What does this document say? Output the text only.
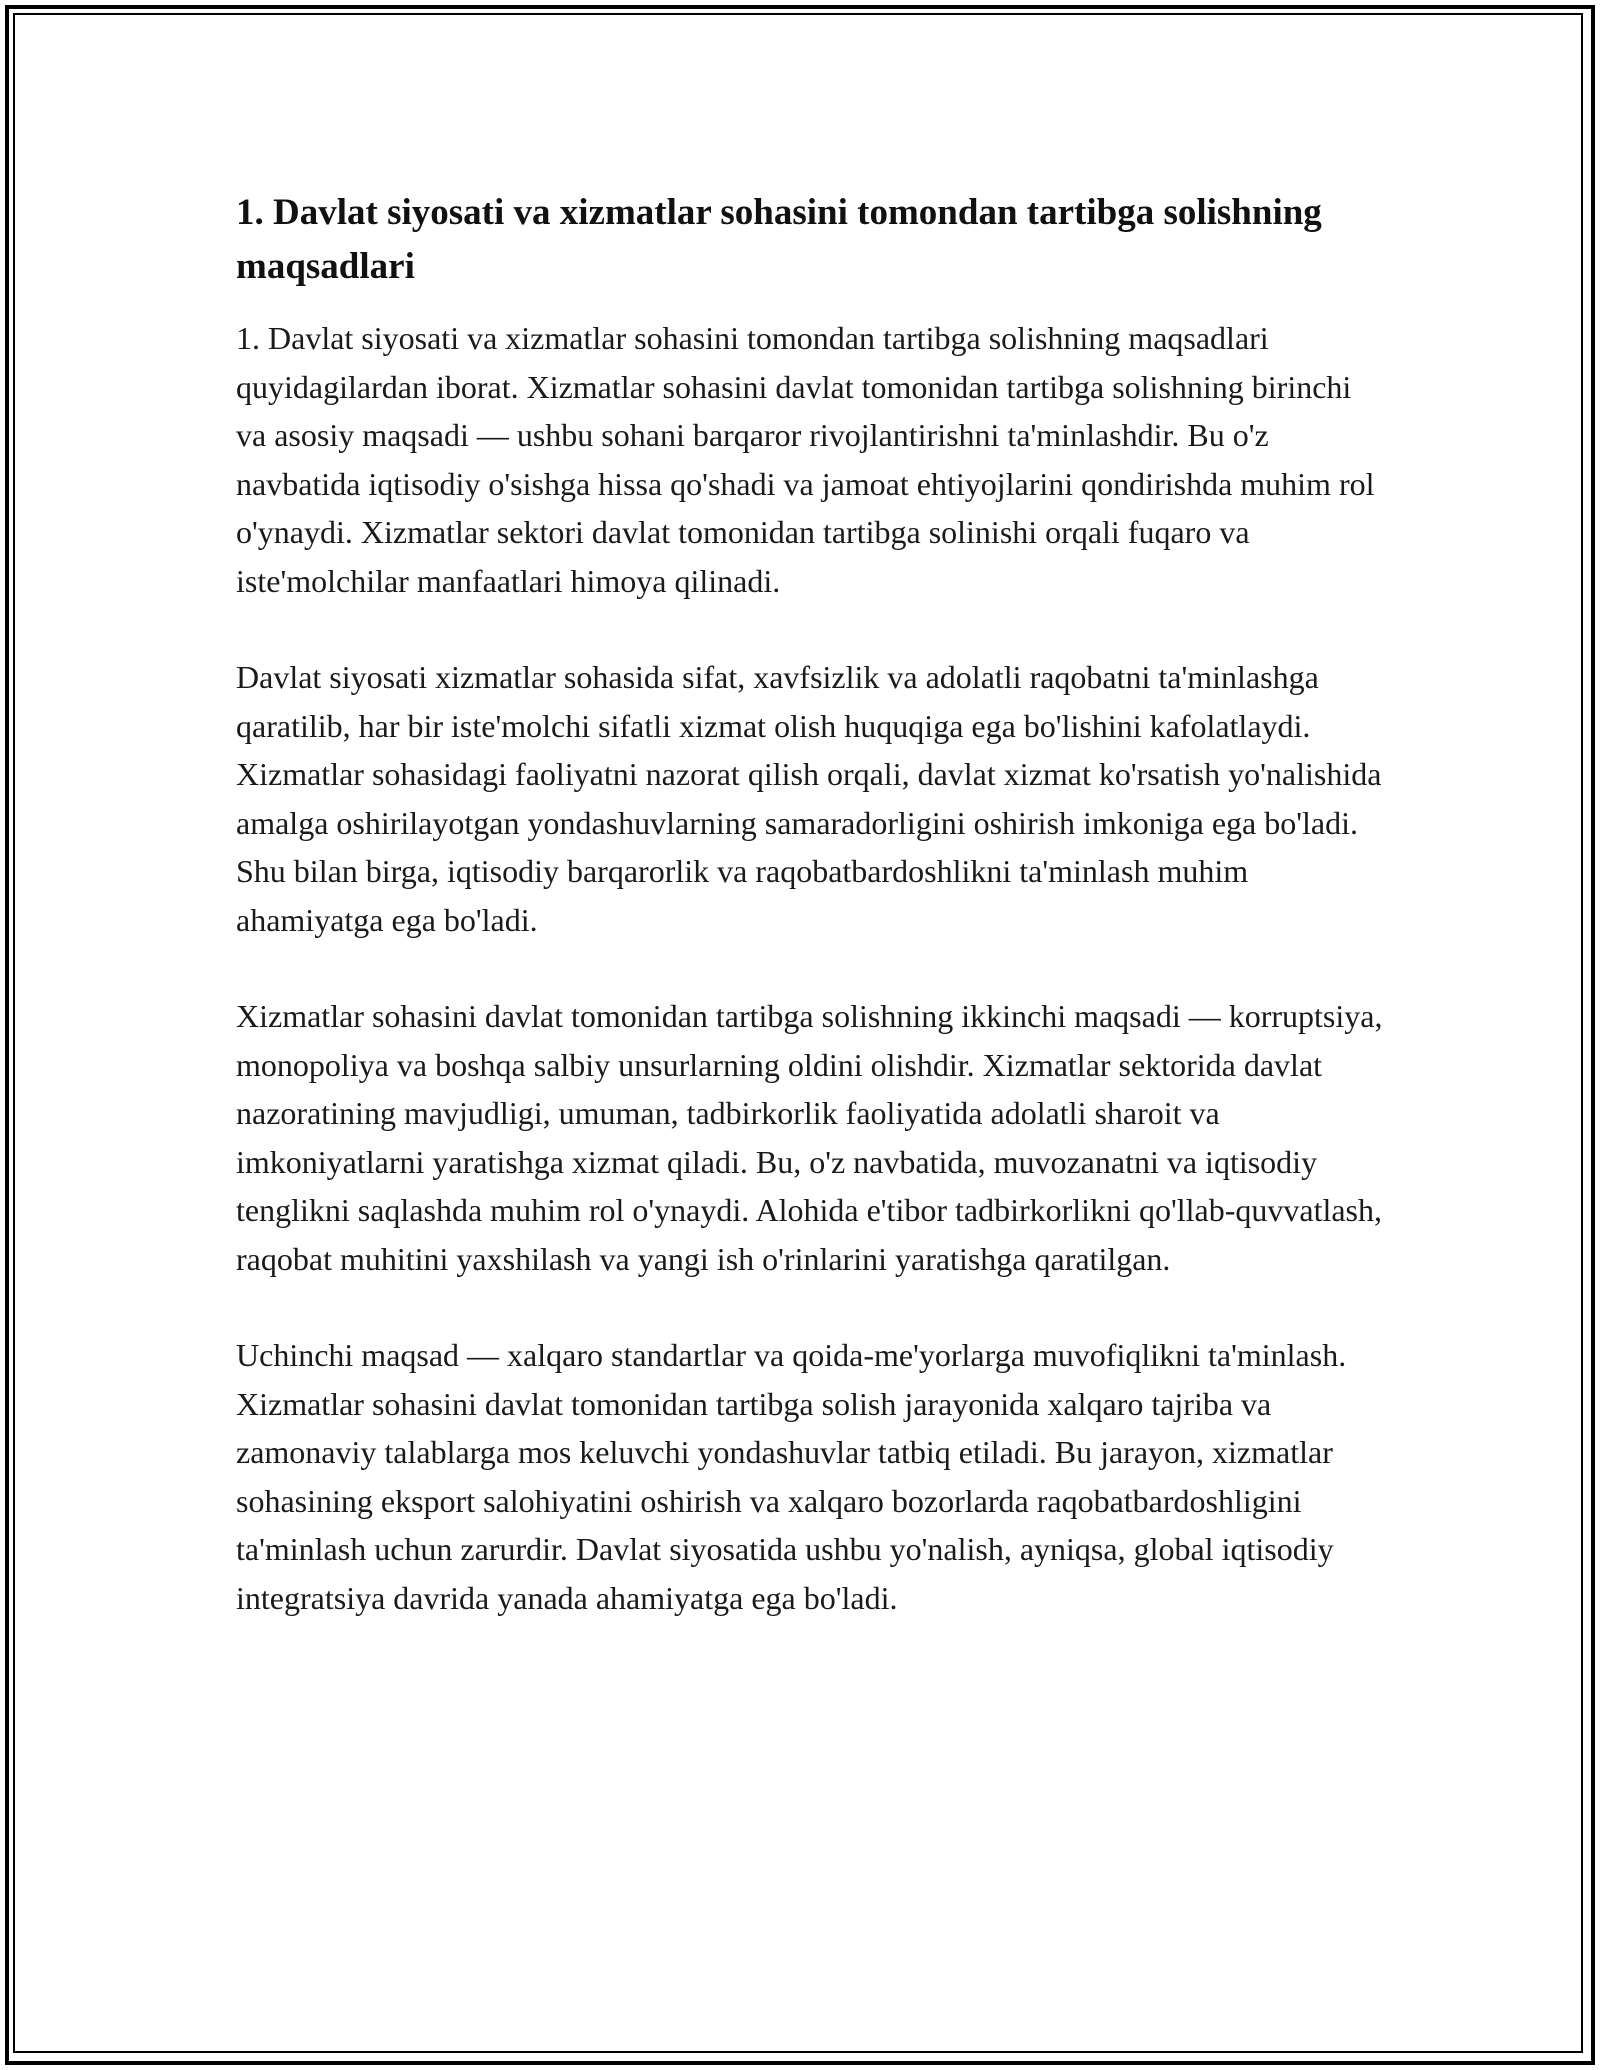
1. Davlat siyosati va xizmatlar sohasini tomondan tartibga solishning maqsadlari

1. Davlat siyosati va xizmatlar sohasini tomondan tartibga solishning maqsadlari quyidagilardan iborat. Xizmatlar sohasini davlat tomonidan tartibga solishning birinchi va asosiy maqsadi — ushbu sohani barqaror rivojlantirishni ta'minlashdir. Bu o'z navbatida iqtisodiy o'sishga hissa qo'shadi va jamoat ehtiyojlarini qondirishda muhim rol o'ynaydi. Xizmatlar sektori davlat tomonidan tartibga solinishi orqali fuqaro va iste'molchilar manfaatlari himoya qilinadi.

Davlat siyosati xizmatlar sohasida sifat, xavfsizlik va adolatli raqobatni ta'minlashga qaratilib, har bir iste'molchi sifatli xizmat olish huquqiga ega bo'lishini kafolatlaydi. Xizmatlar sohasidagi faoliyatni nazorat qilish orqali, davlat xizmat ko'rsatish yo'nalishida amalga oshirilayotgan yondashuvlarning samaradorligini oshirish imkoniga ega bo'ladi. Shu bilan birga, iqtisodiy barqarorlik va raqobatbardoshlikni ta'minlash muhim ahamiyatga ega bo'ladi.

Xizmatlar sohasini davlat tomonidan tartibga solishning ikkinchi maqsadi — korruptsiya, monopoliya va boshqa salbiy unsurlarning oldini olishdir. Xizmatlar sektorida davlat nazoratining mavjudligi, umuman, tadbirkorlik faoliyatida adolatli sharoit va imkoniyatlarni yaratishga xizmat qiladi. Bu, o'z navbatida, muvozanatni va iqtisodiy tenglikni saqlashda muhim rol o'ynaydi. Alohida e'tibor tadbirkorlikni qo'llab-quvvatlash, raqobat muhitini yaxshilash va yangi ish o'rinlarini yaratishga qaratilgan.

Uchinchi maqsad — xalqaro standartlar va qoida-me'yorlarga muvofiqlikni ta'minlash. Xizmatlar sohasini davlat tomonidan tartibga solish jarayonida xalqaro tajriba va zamonaviy talablarga mos keluvchi yondashuvlar tatbiq etiladi. Bu jarayon, xizmatlar sohasining eksport salohiyatini oshirish va xalqaro bozorlarda raqobatbardoshligini ta'minlash uchun zarurdir. Davlat siyosatida ushbu yo'nalish, ayniqsa, global iqtisodiy integratsiya davrida yanada ahamiyatga ega bo'ladi.
